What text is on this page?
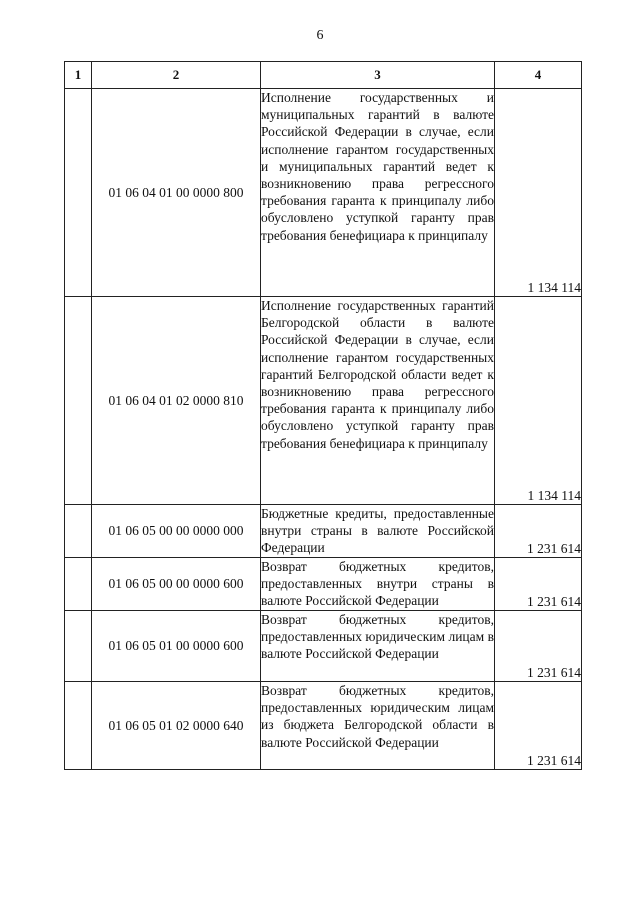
6
1	2	3	4
	01 06 04 01 00 0000 800	Исполнение государственных и муниципальных гарантий в валюте Российской Федерации в случае, если исполнение гарантом государственных и муниципальных гарантий ведет к возникновению права регрессного требования гаранта к принципалу либо обусловлено уступкой гаранту прав требования бенефициара к принципалу	1 134 114
	01 06 04 01 02 0000 810	Исполнение государственных гарантий Белгородской области в валюте Российской Федерации в случае, если исполнение гарантом государственных гарантий Белгородской области ведет к возникновению права регрессного требования гаранта к принципалу либо обусловлено уступкой гаранту прав требования бенефициара к принципалу	1 134 114
	01 06 05 00 00 0000 000	Бюджетные кредиты, предоставленные внутри страны в валюте Российской Федерации	1 231 614
	01 06 05 00 00 0000 600	Возврат бюджетных кредитов, предоставленных внутри страны в валюте Российской Федерации	1 231 614
	01 06 05 01 00 0000 600	Возврат бюджетных кредитов, предоставленных юридическим лицам в валюте Российской Федерации	1 231 614
	01 06 05 01 02 0000 640	Возврат бюджетных кредитов, предоставленных юридическим лицам из бюджета Белгородской области в валюте Российской Федерации	1 231 614
